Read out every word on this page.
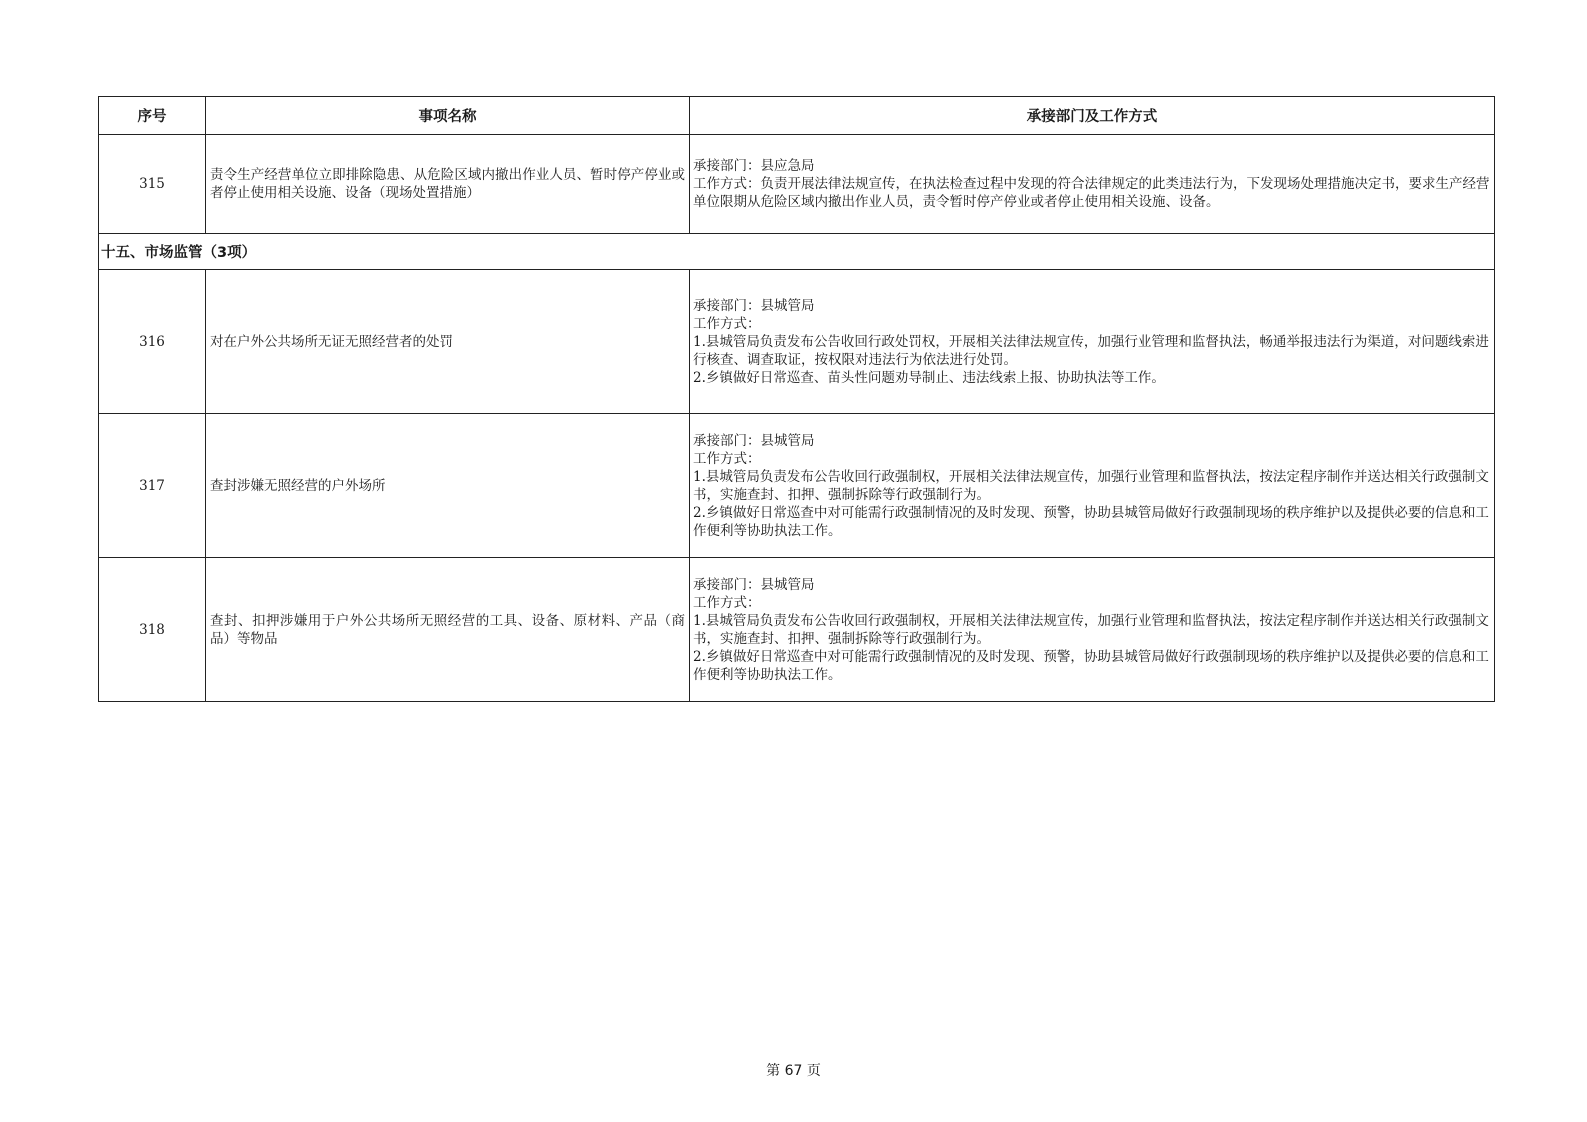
序号	事项名称	承接部门及工作方式
315	责令生产经营单位立即排除隐患、从危险区域内撤出作业人员、暂时停产停业或者停止使用相关设施、设备（现场处置措施）	承接部门：县应急局
工作方式：负责开展法律法规宣传，在执法检查过程中发现的符合法律规定的此类违法行为，下发现场处理措施决定书，要求生产经营单位限期从危险区域内撤出作业人员，责令暂时停产停业或者停止使用相关设施、设备。

十五、市场监管（3项）		
316	对在户外公共场所无证无照经营者的处罚	承接部门：县城管局
工作方式：
1.县城管局负责发布公告收回行政处罚权，开展相关法律法规宣传，加强行业管理和监督执法，畅通举报违法行为渠道，对问题线索进行核查、调查取证，按权限对违法行为依法进行处罚。
2.乡镇做好日常巡查、苗头性问题劝导制止、违法线索上报、协助执法等工作。

317	查封涉嫌无照经营的户外场所	承接部门：县城管局
工作方式：
1.县城管局负责发布公告收回行政强制权，开展相关法律法规宣传，加强行业管理和监督执法，按法定程序制作并送达相关行政强制文书，实施查封、扣押、强制拆除等行政强制行为。
2.乡镇做好日常巡查中对可能需行政强制情况的及时发现、预警，协助县城管局做好行政强制现场的秩序维护以及提供必要的信息和工作便利等协助执法工作。

318	查封、扣押涉嫌用于户外公共场所无照经营的工具、设备、原材料、产品（商品）等物品	承接部门：县城管局
工作方式：
1.县城管局负责发布公告收回行政强制权，开展相关法律法规宣传，加强行业管理和监督执法，按法定程序制作并送达相关行政强制文书，实施查封、扣押、强制拆除等行政强制行为。
2.乡镇做好日常巡查中对可能需行政强制情况的及时发现、预警，协助县城管局做好行政强制现场的秩序维护以及提供必要的信息和工作便利等协助执法工作。
第 67 页
